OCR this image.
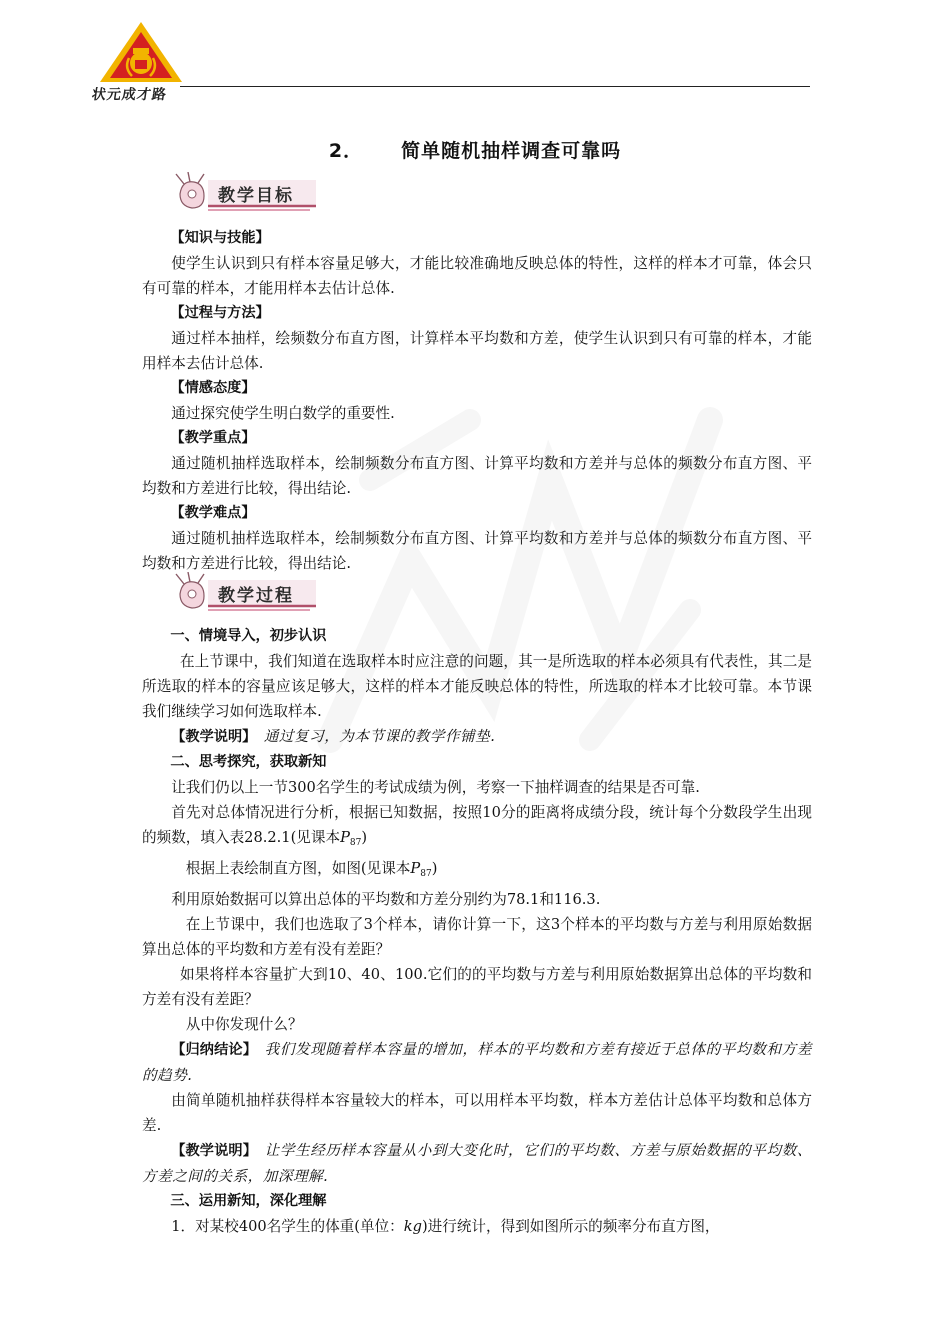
状元成才路
2． 简单随机抽样调查可靠吗
教学目标

【知识与技能】

使学生认识到只有样本容量足够大，才能比较准确地反映总体的特性，这样的样本才可靠，体会只有可靠的样本，才能用样本去估计总体.

【过程与方法】

通过样本抽样，绘频数分布直方图，计算样本平均数和方差，使学生认识到只有可靠的样本，才能用样本去估计总体.

【情感态度】

通过探究使学生明白数学的重要性.

【教学重点】

通过随机抽样选取样本，绘制频数分布直方图、计算平均数和方差并与总体的频数分布直方图、平均数和方差进行比较，得出结论.

【教学难点】

通过随机抽样选取样本，绘制频数分布直方图、计算平均数和方差并与总体的频数分布直方图、平均数和方差进行比较，得出结论.

教学过程

一、情境导入，初步认识

在上节课中，我们知道在选取样本时应注意的问题，其一是所选取的样本必须具有代表性，其二是所选取的样本的容量应该足够大，这样的样本才能反映总体的特性，所选取的样本才比较可靠。本节课我们继续学习如何选取样本.

【教学说明】　 通过复习，为本节课的教学作铺垫.

二、思考探究，获取新知

让我们仍以上一节300名学生的考试成绩为例，考察一下抽样调查的结果是否可靠.

首先对总体情况进行分析，根据已知数据，按照10分的距离将成绩分段，统计每个分数段学生出现的频数，填入表28.2.1(见课本$P_{87}$)

根据上表绘制直方图，如图(见课本$P_{87}$)

利用原始数据可以算出总体的平均数和方差分别约为78.1和116.3.

在上节课中，我们也选取了3个样本，请你计算一下，这3个样本的平均数与方差与利用原始数据算出总体的平均数和方差有没有差距？

如果将样本容量扩大到10、40、100.它们的的平均数与方差与利用原始数据算出总体的平均数和方差有没有差距？

从中你发现什么？

【归纳结论】　 我们发现随着样本容量的增加，样本的平均数和方差有接近于总体的平均数和方差的趋势.

由简单随机抽样获得样本容量较大的样本，可以用样本平均数，样本方差估计总体平均数和总体方差.

【教学说明】　 让学生经历样本容量从小到大变化时，它们的平均数、方差与原始数据的平均数、方差之间的关系，加深理解.

三、运用新知，深化理解

1．对某校400名学生的体重(单位：kg)进行统计，得到如图所示的频率分布直方图，
